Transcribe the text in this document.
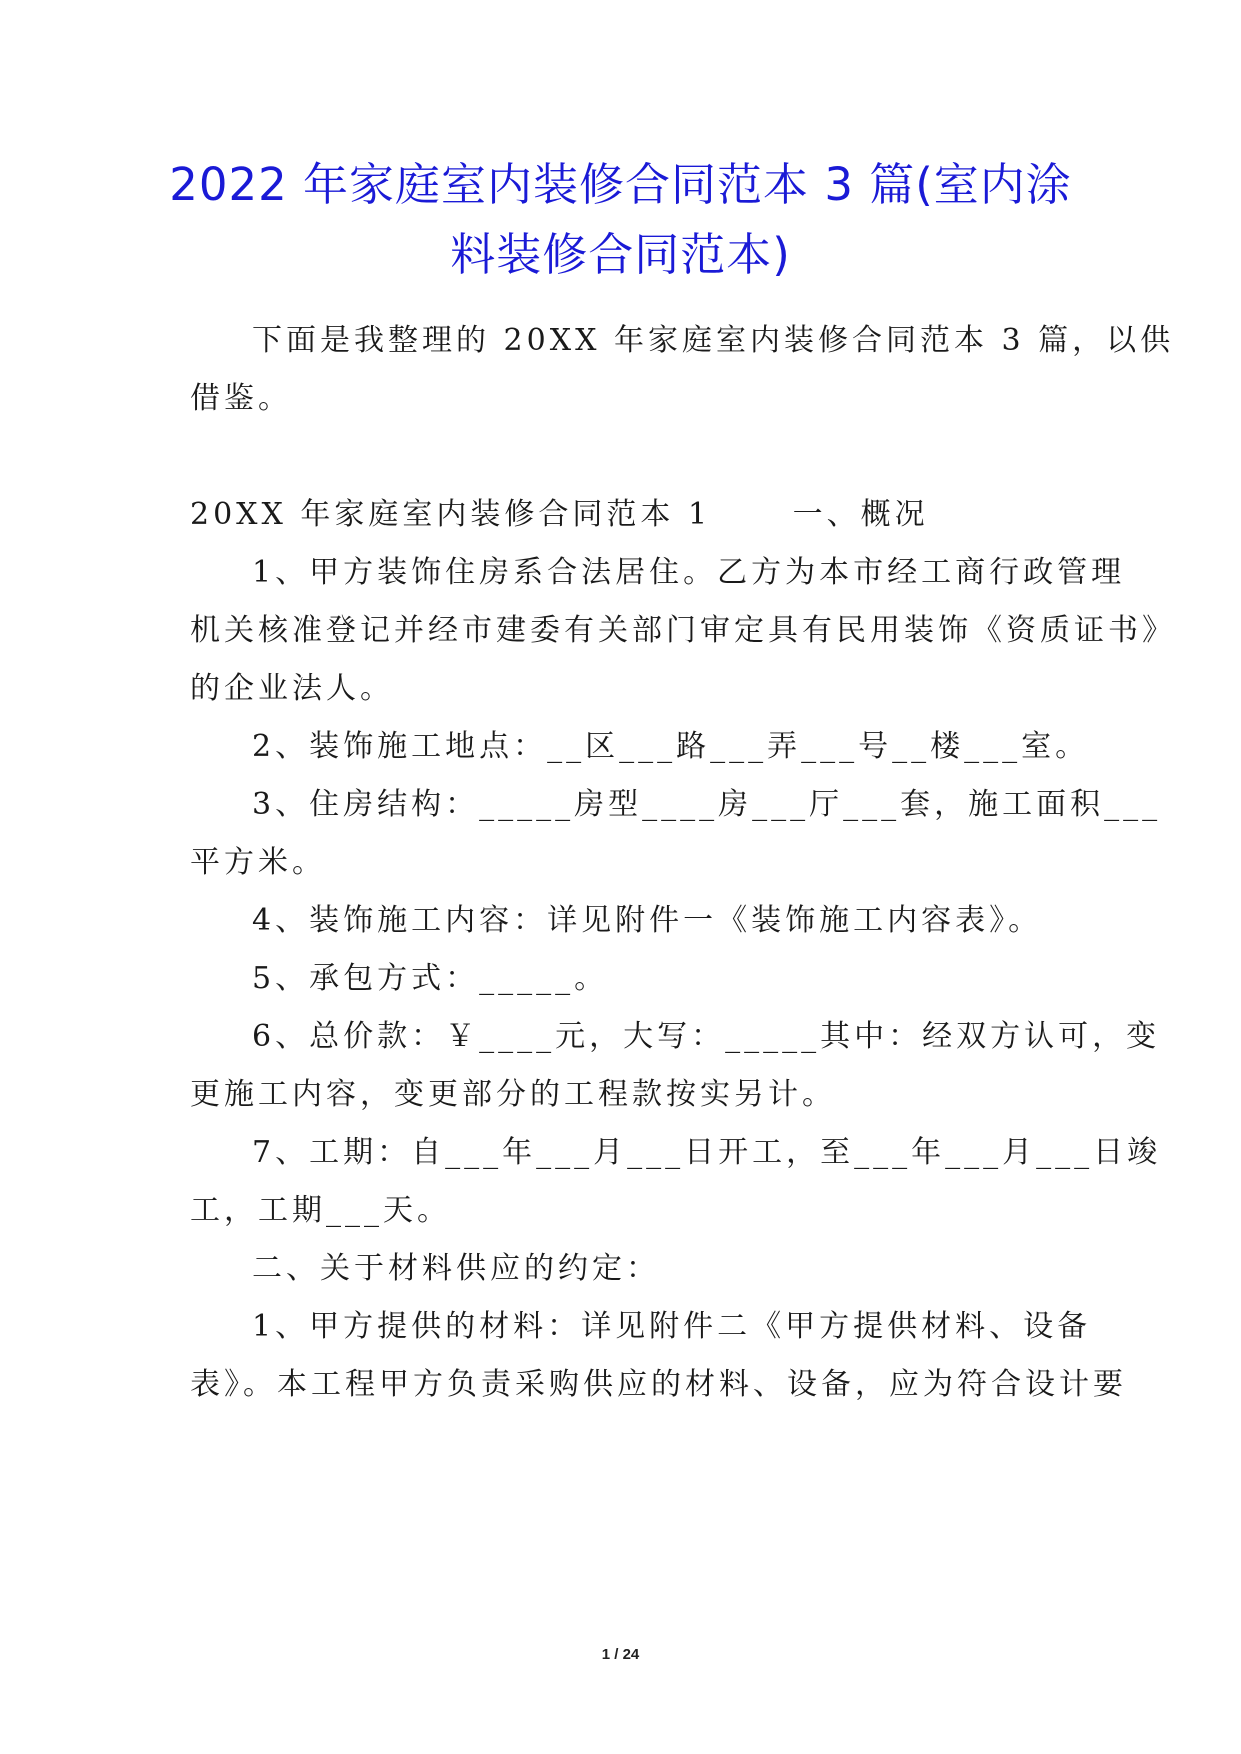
2022 年家庭室内装修合同范本 3 篇(室内涂
料装修合同范本)
下面是我整理的 20XX 年家庭室内装修合同范本 3 篇，以供
借鉴。
20XX 年家庭室内装修合同范本 1　　 一、概况
1、甲方装饰住房系合法居住。乙方为本市经工商行政管理
机关核准登记并经市建委有关部门审定具有民用装饰《资质证书》
的企业法人。
2、装饰施工地点：__区___路___弄___号__楼___室。
3、住房结构：_____房型____房___厅___套，施工面积___
平方米。
4、装饰施工内容：详见附件一《装饰施工内容表》。
5、承包方式：_____。
6、总价款：￥____元，大写：_____其中：经双方认可，变
更施工内容，变更部分的工程款按实另计。
7、工期：自___年___月___日开工，至___年___月___日竣
工，工期___天。
二、关于材料供应的约定：
1、甲方提供的材料：详见附件二《甲方提供材料、设备
表》。本工程甲方负责采购供应的材料、设备，应为符合设计要
1 / 24
